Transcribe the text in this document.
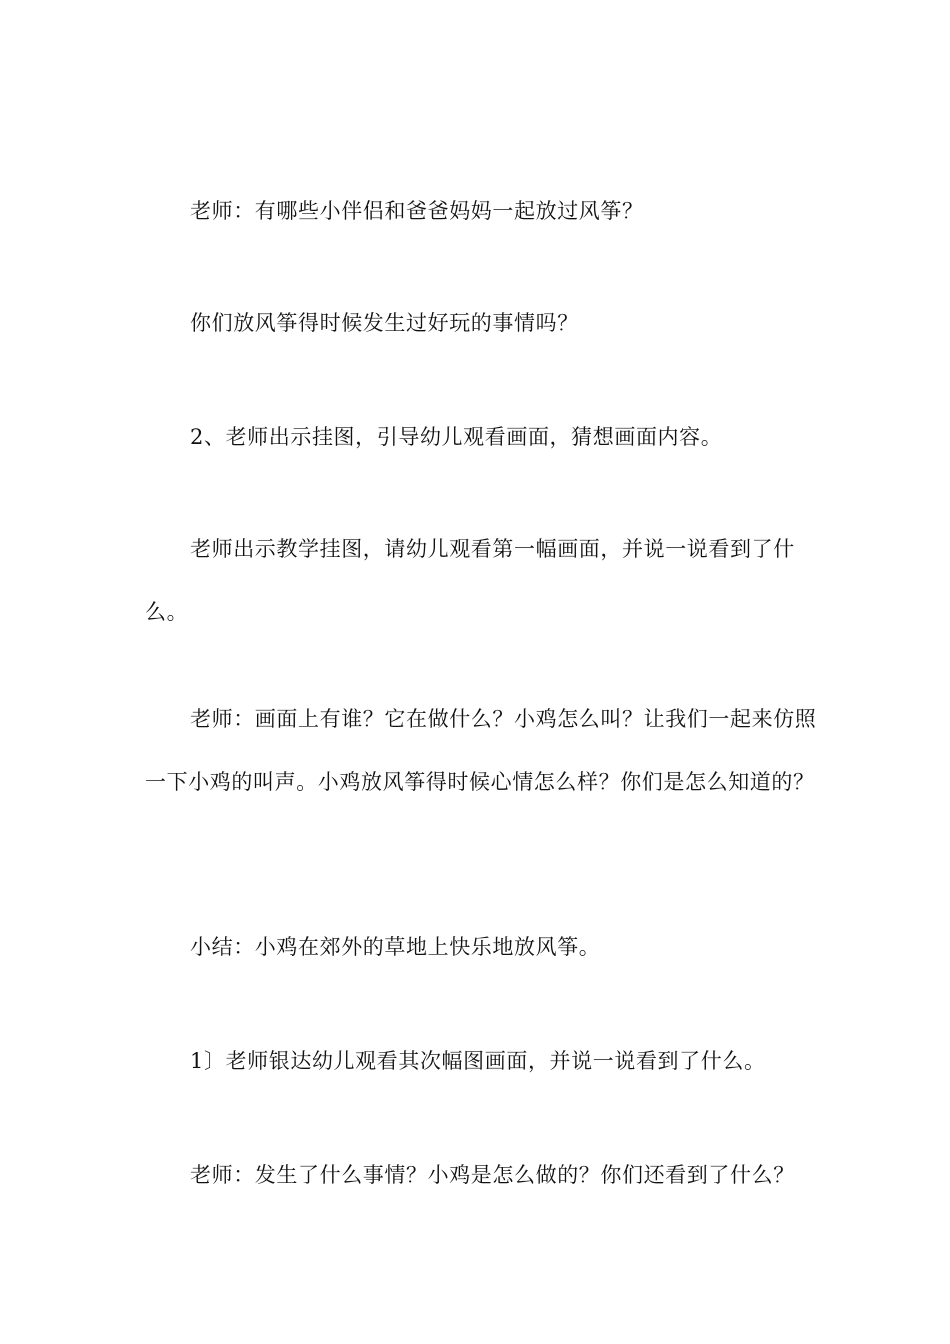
老师：有哪些小伴侣和爸爸妈妈一起放过风筝？

你们放风筝得时候发生过好玩的事情吗？

2、老师出示挂图，引导幼儿观看画面，猜想画面内容。

老师出示教学挂图，请幼儿观看第一幅画面，并说一说看到了什么。

老师：画面上有谁？它在做什么？小鸡怎么叫？让我们一起来仿照一下小鸡的叫声。小鸡放风筝得时候心情怎么样？你们是怎么知道的？

小结：小鸡在郊外的草地上快乐地放风筝。

1〕老师银达幼儿观看其次幅图画面，并说一说看到了什么。

老师：发生了什么事情？小鸡是怎么做的？你们还看到了什么？
